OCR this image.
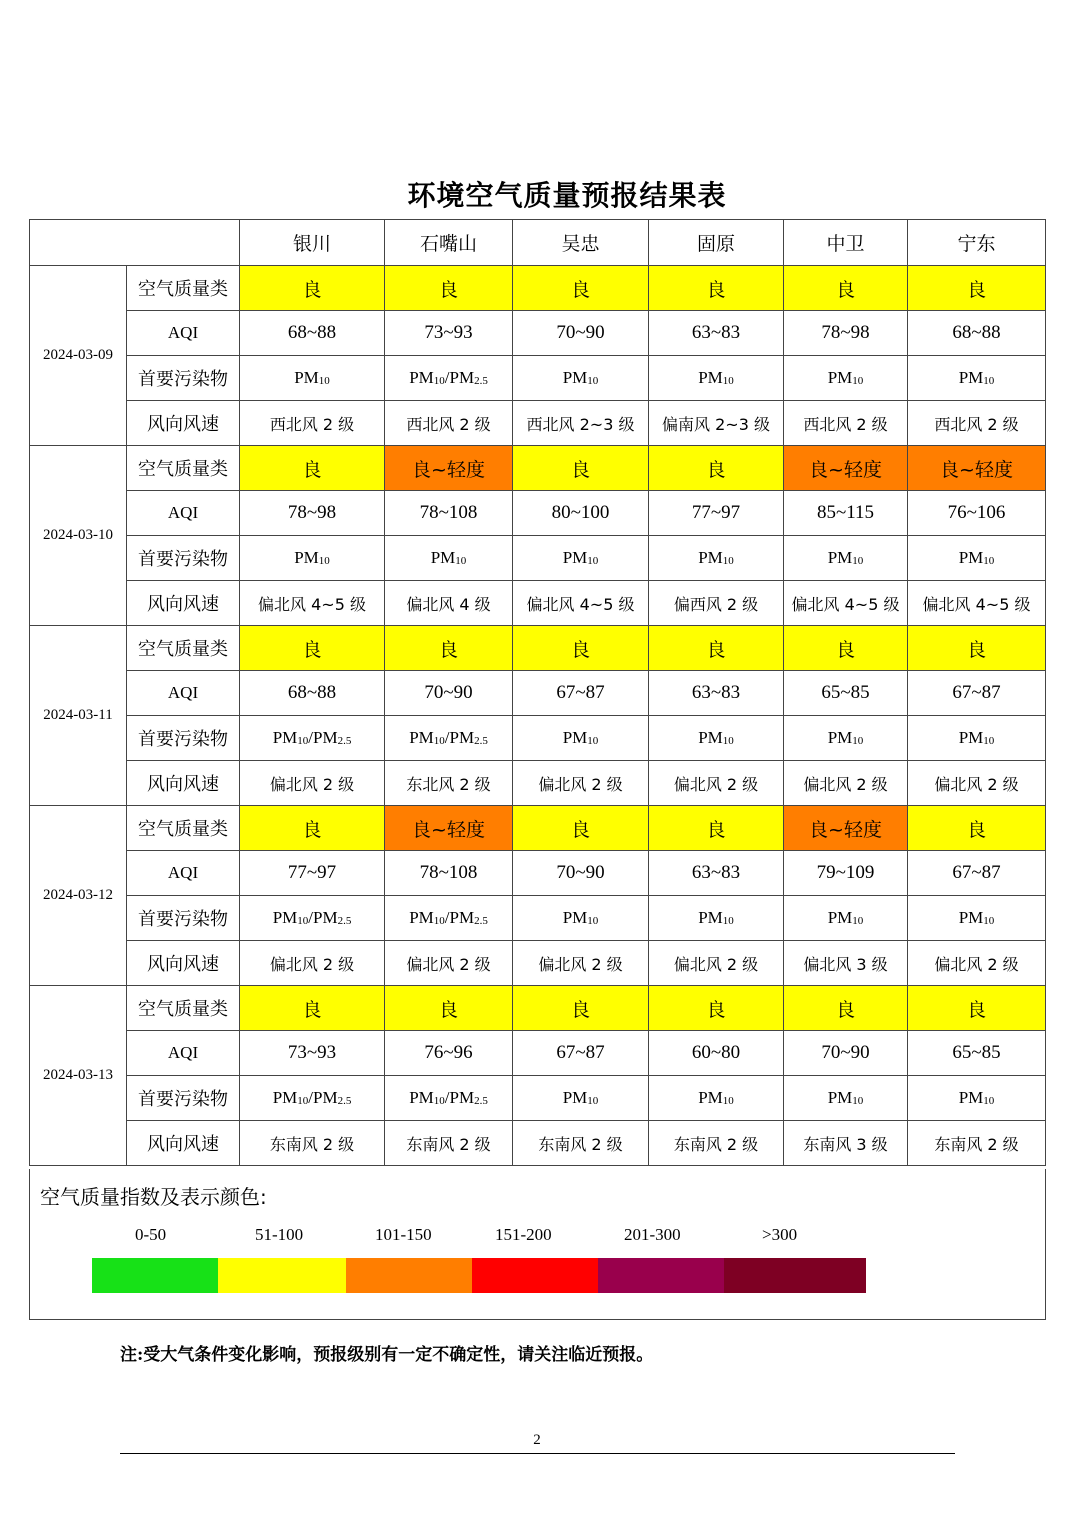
环境空气质量预报结果表
		银川	石嘴山	吴忠	固原	中卫	宁东
2024-03-09	空气质量类	良	良	良	良	良	良
	AQI	68~88	73~93	70~90	63~83	78~98	68~88
	首要污染物	$PM_{10}$	$PM_{10}/PM_{2.5}$	$PM_{10}$	$PM_{10}$	$PM_{10}$	$PM_{10}$
	风向风速	西北风 2 级	西北风 2 级	西北风 2~3 级	偏南风 2~3 级	西北风 2 级	西北风 2 级
2024-03-10	空气质量类	良	良~轻度	良	良	良~轻度	良~轻度
	AQI	78~98	78~108	80~100	77~97	85~115	76~106
	首要污染物	$PM_{10}$	$PM_{10}$	$PM_{10}$	$PM_{10}$	$PM_{10}$	$PM_{10}$
	风向风速	偏北风 4~5 级	偏北风 4 级	偏北风 4~5 级	偏西风 2 级	偏北风 4~5 级	偏北风 4~5 级
2024-03-11	空气质量类	良	良	良	良	良	良
	AQI	68~88	70~90	67~87	63~83	65~85	67~87
	首要污染物	$PM_{10}/PM_{2.5}$	$PM_{10}/PM_{2.5}$	$PM_{10}$	$PM_{10}$	$PM_{10}$	$PM_{10}$
	风向风速	偏北风 2 级	东北风 2 级	偏北风 2 级	偏北风 2 级	偏北风 2 级	偏北风 2 级
2024-03-12	空气质量类	良	良~轻度	良	良	良~轻度	良
	AQI	77~97	78~108	70~90	63~83	79~109	67~87
	首要污染物	$PM_{10}/PM_{2.5}$	$PM_{10}/PM_{2.5}$	$PM_{10}$	$PM_{10}$	$PM_{10}$	$PM_{10}$
	风向风速	偏北风 2 级	偏北风 2 级	偏北风 2 级	偏北风 2 级	偏北风 3 级	偏北风 2 级
2024-03-13	空气质量类	良	良	良	良	良	良
	AQI	73~93	76~96	67~87	60~80	70~90	65~85
	首要污染物	$PM_{10}/PM_{2.5}$	$PM_{10}/PM_{2.5}$	$PM_{10}$	$PM_{10}$	$PM_{10}$	$PM_{10}$
	风向风速	东南风 2 级	东南风 2 级	东南风 2 级	东南风 2 级	东南风 3 级	东南风 2 级
空气质量指数及表示颜色:
0-50	51-100	101-150	151-200	201-300	>300
注:受大气条件变化影响，预报级别有一定不确定性，请关注临近预报。
2
